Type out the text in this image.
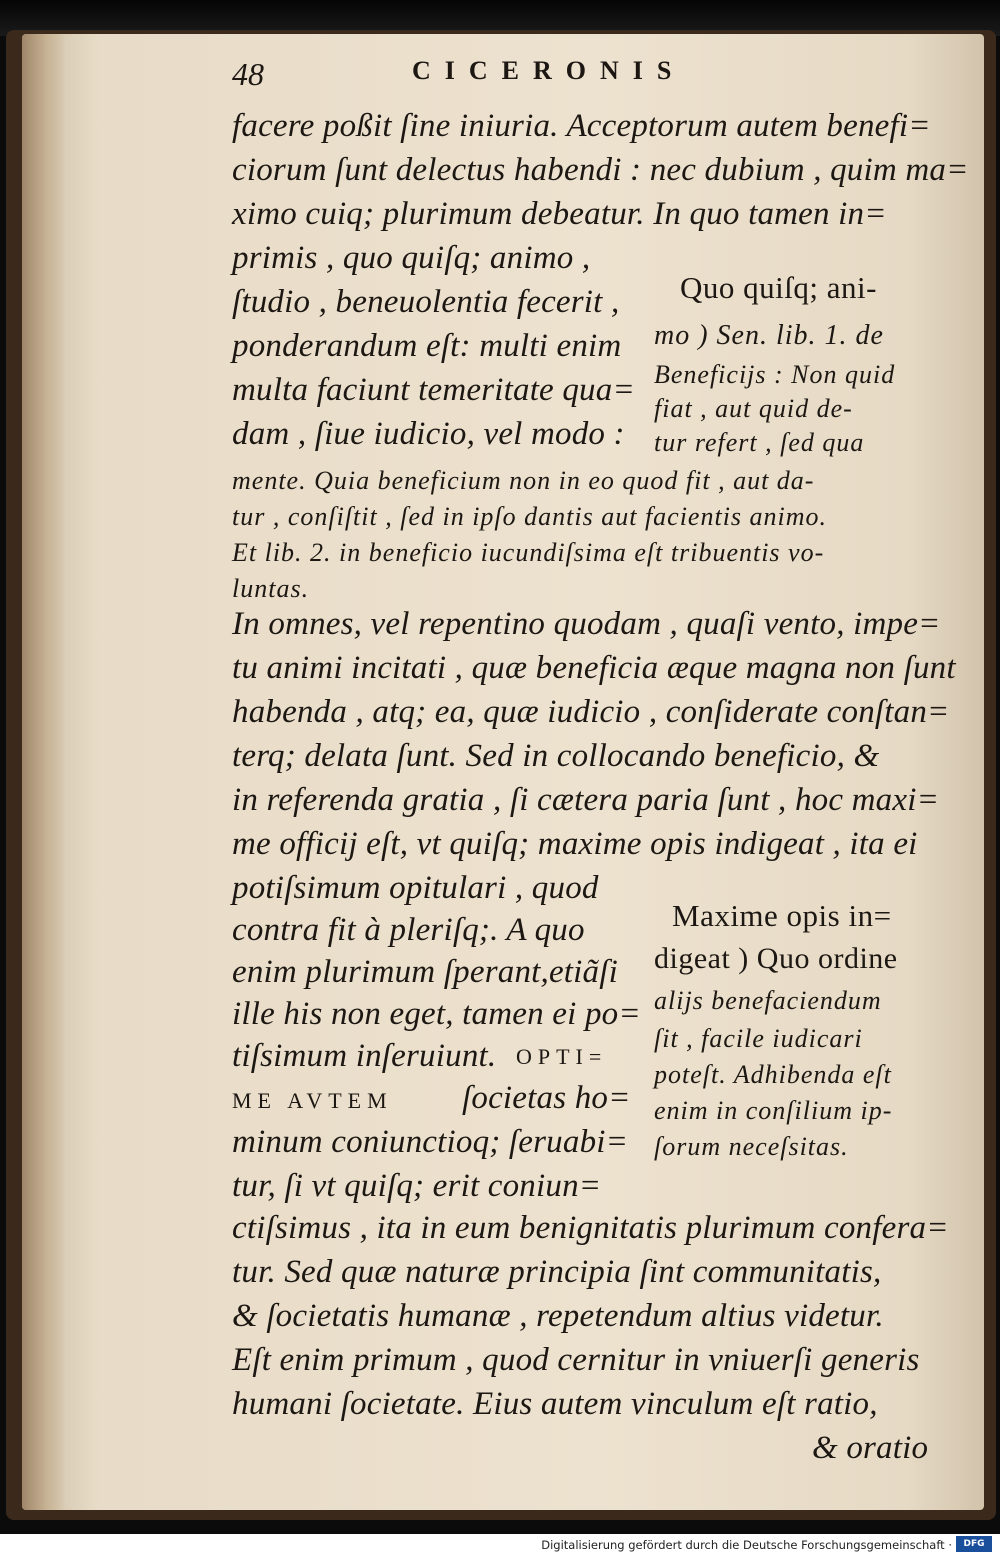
48	CICERONIS
facere poßit ſine iniuria. Acceptorum autem benefi=
ciorum ſunt delectus habendi : nec dubium , quim ma=
ximo cuiq; plurimum debeatur. In quo tamen in=
primis , quo quiſq; animo ,
ſtudio , beneuolentia fecerit ,
ponderandum eſt: multi enim
multa faciunt temeritate qua=
dam , ſiue iudicio, vel modo :
Quo quiſq; ani-
mo ) Sen. lib. 1. de
Beneficijs : Non quid
fiat , aut quid de-
tur refert , ſed qua
mente. Quia beneficium non in eo quod fit , aut da-
tur , conſiſtit , ſed in ipſo dantis aut facientis animo.
Et lib. 2. in beneficio iucundiſsima eſt tribuentis vo-
luntas.
In omnes, vel repentino quodam , quaſi vento, impe=
tu animi incitati , quæ beneficia æque magna non ſunt
habenda , atq; ea, quæ iudicio , conſiderate conſtan=
terq; delata ſunt. Sed in collocando beneficio, &
in referenda gratia , ſi cætera paria ſunt , hoc maxi=
me officij eſt, vt quiſq; maxime opis indigeat , ita ei
potiſsimum opitulari , quod
contra fit à pleriſq;. A quo
enim plurimum ſperant,etiãſi
ille his non eget, tamen ei po=
tiſsimum inſeruiunt. OPTI=
ME AVTEM ſocietas ho=
minum coniunctioq; ſeruabi=
tur, ſi vt quiſq; erit coniun=
Maxime opis in=
digeat ) Quo ordine
alijs benefaciendum
ſit , facile iudicari
poteſt. Adhibenda eſt
enim in conſilium ip-
ſorum neceſsitas.
ctiſsimus , ita in eum benignitatis plurimum confera=
tur. Sed quæ naturæ principia ſint communitatis,
& ſocietatis humanæ , repetendum altius videtur.
Eſt enim primum , quod cernitur in vniuerſi generis
humani ſocietate. Eius autem vinculum eſt ratio,
& oratio
Digitalisierung gefördert durch die Deutsche Forschungsgemeinschaft ·	DFG
